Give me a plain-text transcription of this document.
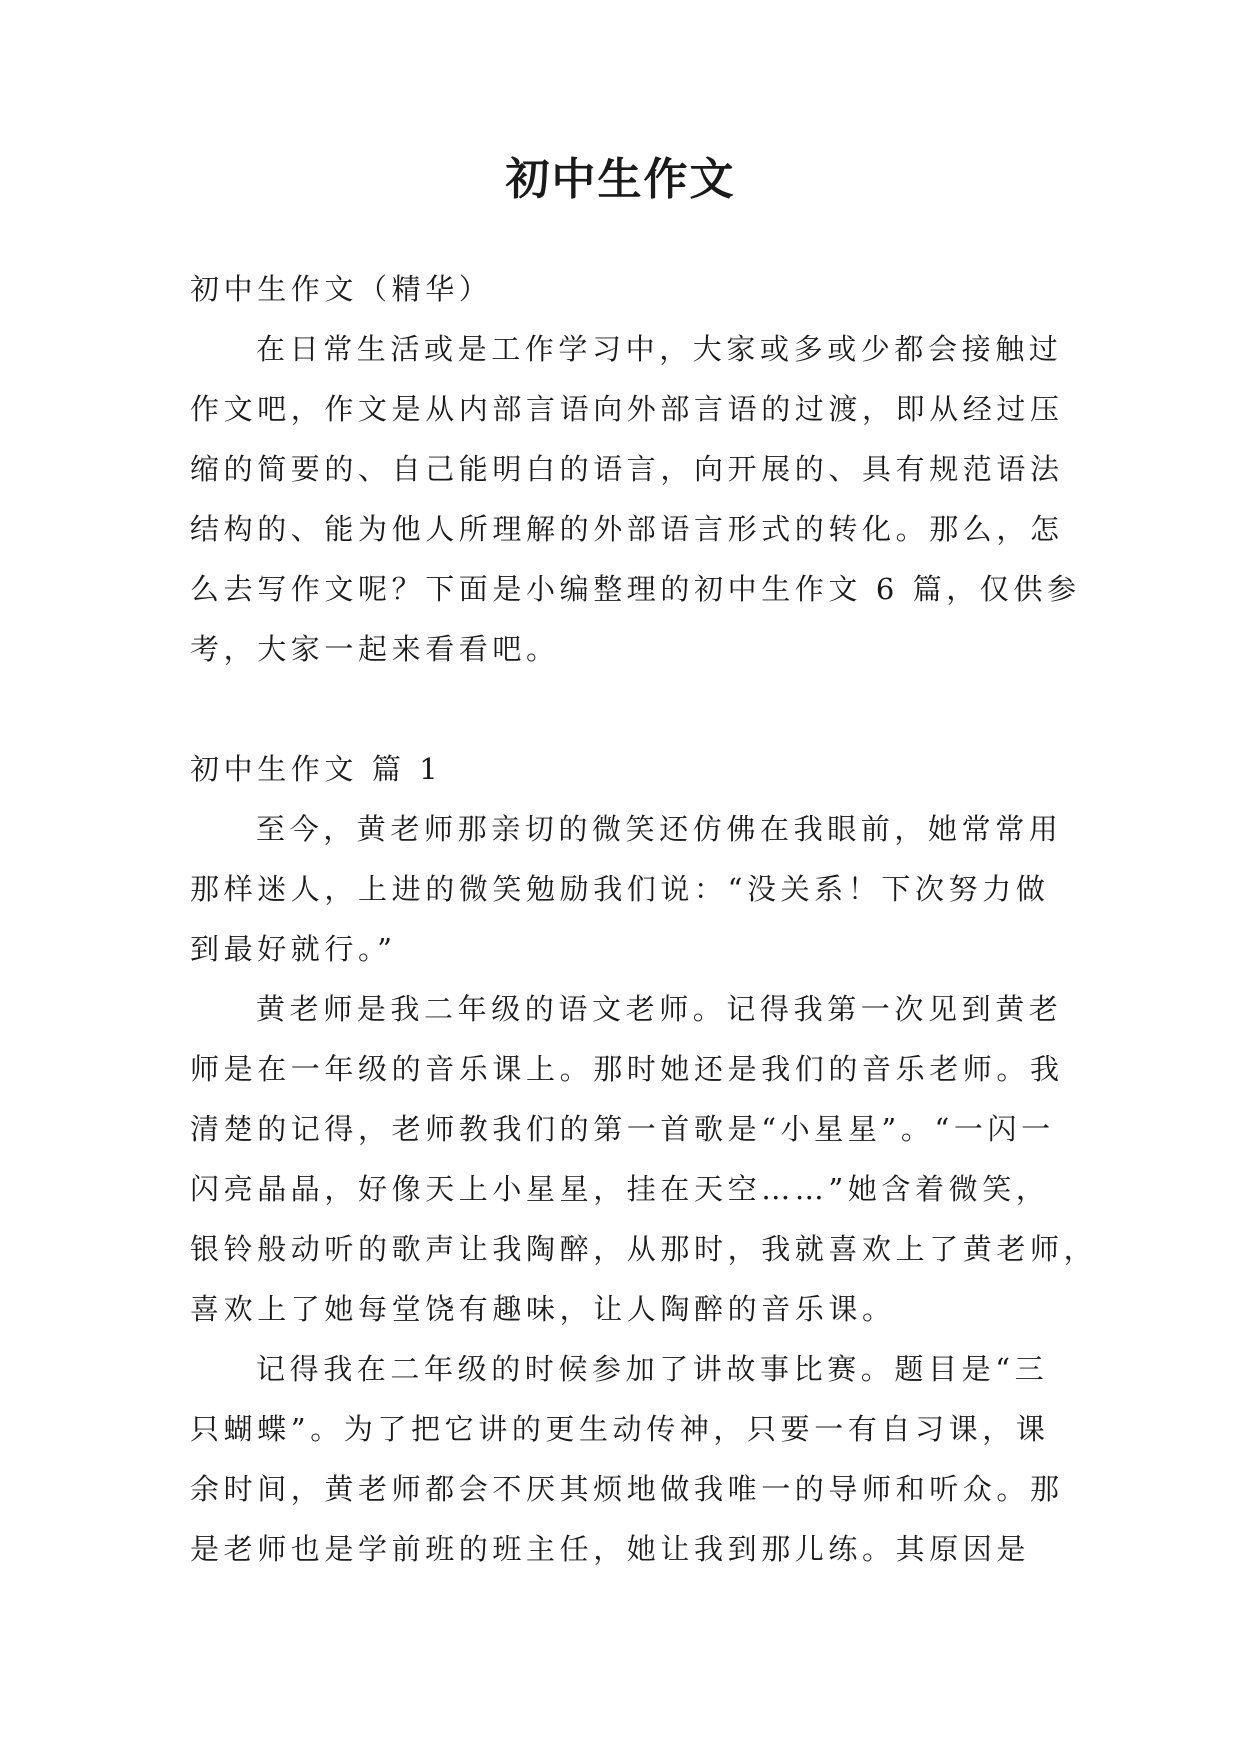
初中生作文

初中生作文（精华）

在日常生活或是工作学习中，大家或多或少都会接触过

作文吧，作文是从内部言语向外部言语的过渡，即从经过压

缩的简要的、自己能明白的语言，向开展的、具有规范语法

结构的、能为他人所理解的外部语言形式的转化。那么，怎

么去写作文呢？下面是小编整理的初中生作文 6 篇，仅供参

考，大家一起来看看吧。

初中生作文 篇 1

至今，黄老师那亲切的微笑还仿佛在我眼前，她常常用

那样迷人，上进的微笑勉励我们说：“没关系！下次努力做

到最好就行。”

黄老师是我二年级的语文老师。记得我第一次见到黄老

师是在一年级的音乐课上。那时她还是我们的音乐老师。我

清楚的记得，老师教我们的第一首歌是“小星星”。“一闪一

闪亮晶晶，好像天上小星星，挂在天空……”她含着微笑，

银铃般动听的歌声让我陶醉，从那时，我就喜欢上了黄老师，

喜欢上了她每堂饶有趣味，让人陶醉的音乐课。

记得我在二年级的时候参加了讲故事比赛。题目是“三

只蝴蝶”。为了把它讲的更生动传神，只要一有自习课，课

余时间，黄老师都会不厌其烦地做我唯一的导师和听众。那

是老师也是学前班的班主任，她让我到那儿练。其原因是
